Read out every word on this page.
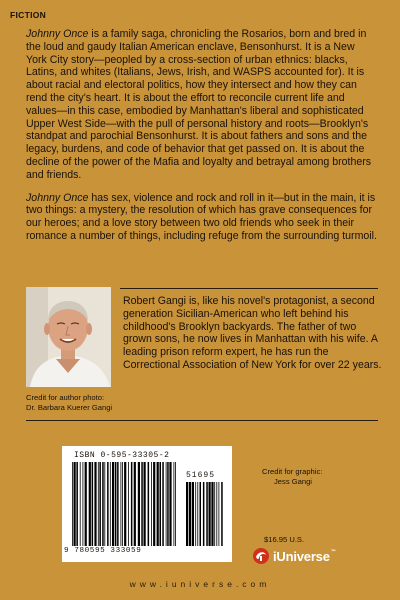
FICTION

Johnny Once is a family saga, chronicling the Rosarios, born and bred in the loud and gaudy Italian American enclave, Bensonhurst. It is a New York City story—peopled by a cross-section of urban ethnics: blacks, Latins, and whites (Italians, Jews, Irish, and WASPS accounted for). It is about racial and electoral politics, how they intersect and how they can rend the city's heart. It is about the effort to reconcile current life and values—in this case, embodied by Manhattan's liberal and sophisticated Upper West Side—with the pull of personal history and roots—Brooklyn's standpat and parochial Bensonhurst. It is about fathers and sons and the legacy, burdens, and code of behavior that get passed on. It is about the decline of the power of the Mafia and loyalty and betrayal among brothers and friends.

Johnny Once has sex, violence and rock and roll in it—but in the main, it is two things: a mystery, the resolution of which has grave consequences for our heroes; and a love story between two old friends who seek in their romance a number of things, including refuge from the surrounding turmoil.

Robert Gangi is, like his novel's protagonist, a second generation Sicilian-American who left behind his childhood's Brooklyn backyards. The father of two grown sons, he now lives in Manhattan with his wife. A leading prison reform expert, he has run the Correctional Association of New York for over 22 years.
Credit for author photo:
Dr. Barbara Kuerer Gangi
ISBN 0-595-33305-2
51695
9 780595 333059
Credit for graphic:
Jess Gangi
$16.95 U.S.
iUniverse™
www.iuniverse.com
